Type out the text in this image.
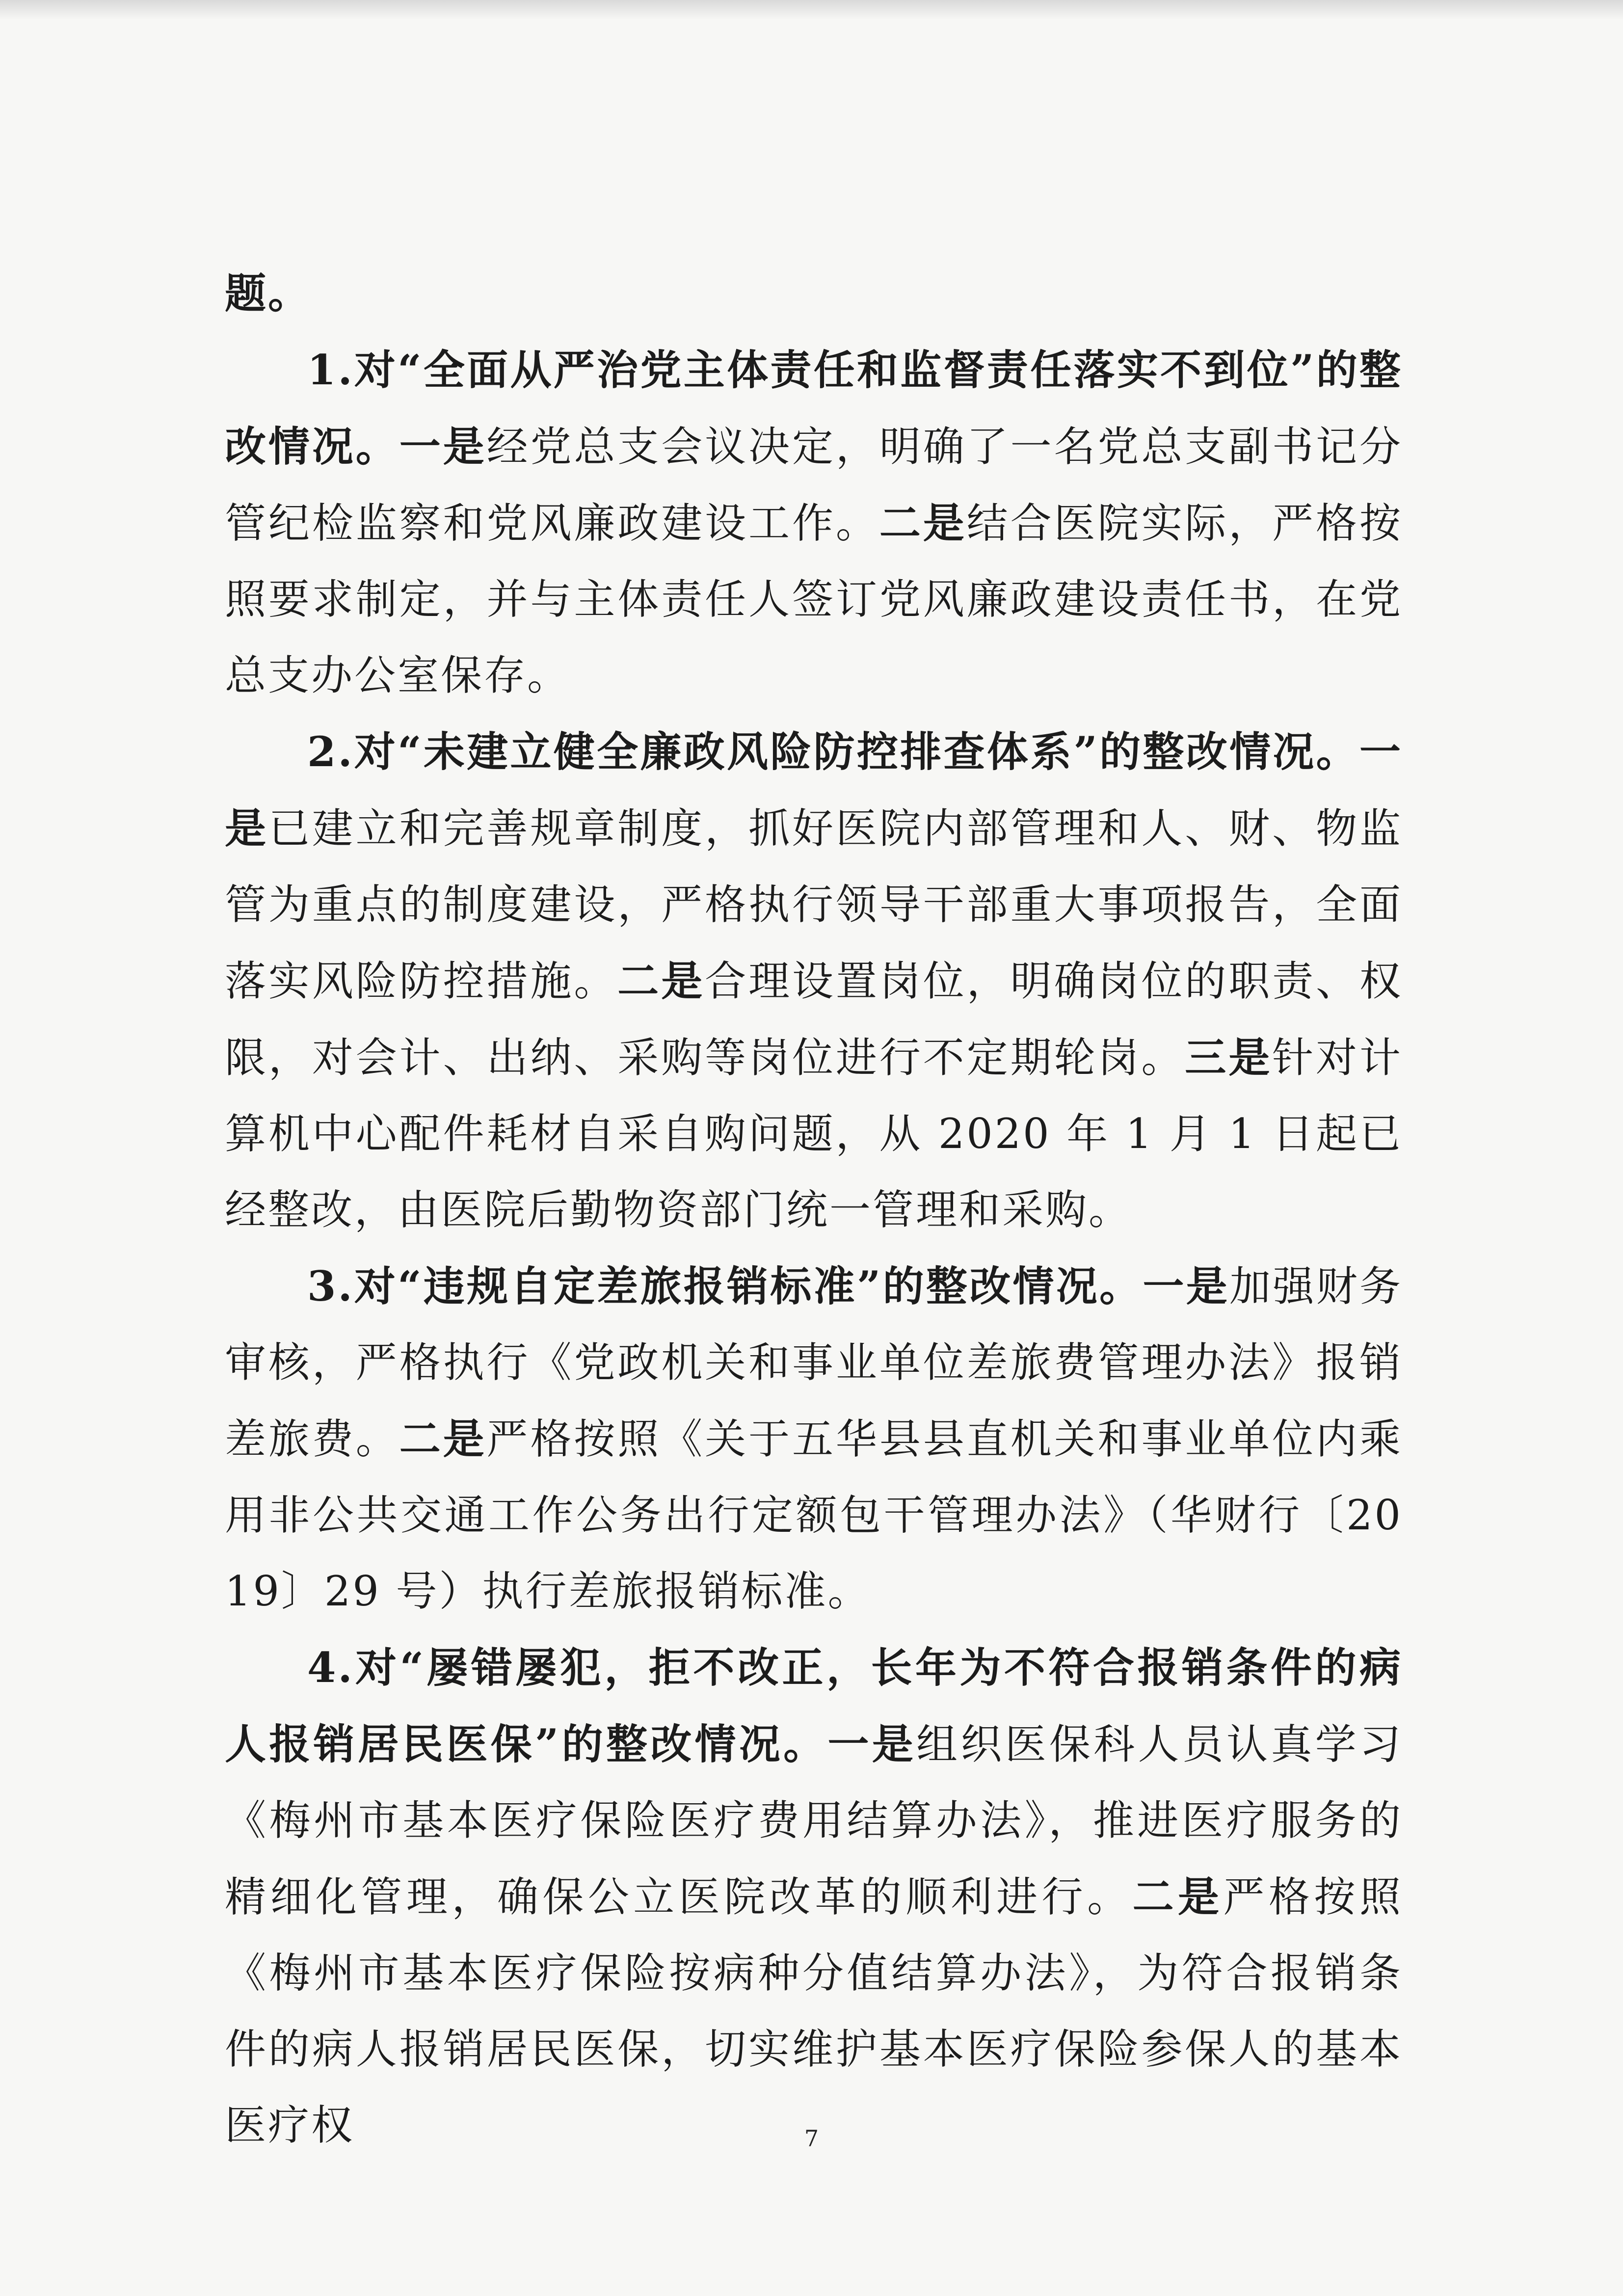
题。

1.对“全面从严治党主体责任和监督责任落实不到位”的整改情况。一是经党总支会议决定，明确了一名党总支副书记分管纪检监察和党风廉政建设工作。二是结合医院实际，严格按照要求制定，并与主体责任人签订党风廉政建设责任书，在党总支办公室保存。

2.对“未建立健全廉政风险防控排查体系”的整改情况。一是已建立和完善规章制度，抓好医院内部管理和人、财、物监管为重点的制度建设，严格执行领导干部重大事项报告，全面落实风险防控措施。二是合理设置岗位，明确岗位的职责、权限，对会计、出纳、采购等岗位进行不定期轮岗。三是针对计算机中心配件耗材自采自购问题，从 2020 年 1 月 1 日起已经整改，由医院后勤物资部门统一管理和采购。

3.对“违规自定差旅报销标准”的整改情况。一是加强财务审核，严格执行《党政机关和事业单位差旅费管理办法》报销差旅费。二是严格按照《关于五华县县直机关和事业单位内乘用非公共交通工作公务出行定额包干管理办法》（华财行〔2019〕29 号）执行差旅报销标准。

4.对“屡错屡犯，拒不改正，长年为不符合报销条件的病人报销居民医保”的整改情况。一是组织医保科人员认真学习《梅州市基本医疗保险医疗费用结算办法》，推进医疗服务的精细化管理，确保公立医院改革的顺利进行。二是严格按照《梅州市基本医疗保险按病种分值结算办法》，为符合报销条件的病人报销居民医保，切实维护基本医疗保险参保人的基本医疗权	7
